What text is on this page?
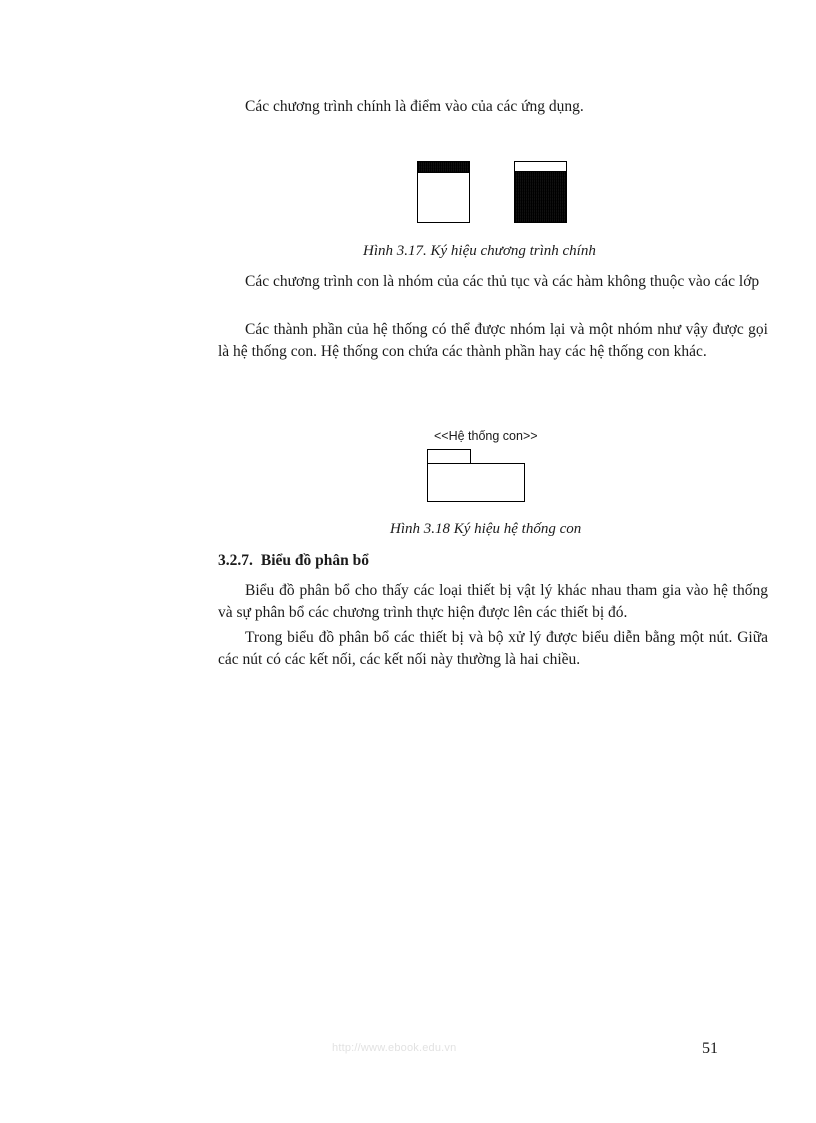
Các chương trình chính là điểm vào của các ứng dụng.

Hình 3.17. Ký hiệu chương trình chính

Các chương trình con là nhóm của các thủ tục và các hàm không thuộc vào các lớp

Các thành phần của hệ thống có thể được nhóm lại và một nhóm như vậy được gọi là hệ thống con. Hệ thống con chứa các thành phần hay các hệ thống con khác.

<<Hệ thống con>>

Hình 3.18 Ký hiệu hệ thống con

3.2.7. Biểu đồ phân bổ

Biểu đồ phân bổ cho thấy các loại thiết bị vật lý khác nhau tham gia vào hệ thống và sự phân bổ các chương trình thực hiện được lên các thiết bị đó.

Trong biểu đồ phân bổ các thiết bị và bộ xử lý được biểu diễn bằng một nút. Giữa các nút có các kết nối, các kết nối này thường là hai chiều.

http://www.ebook.edu.vn	51
